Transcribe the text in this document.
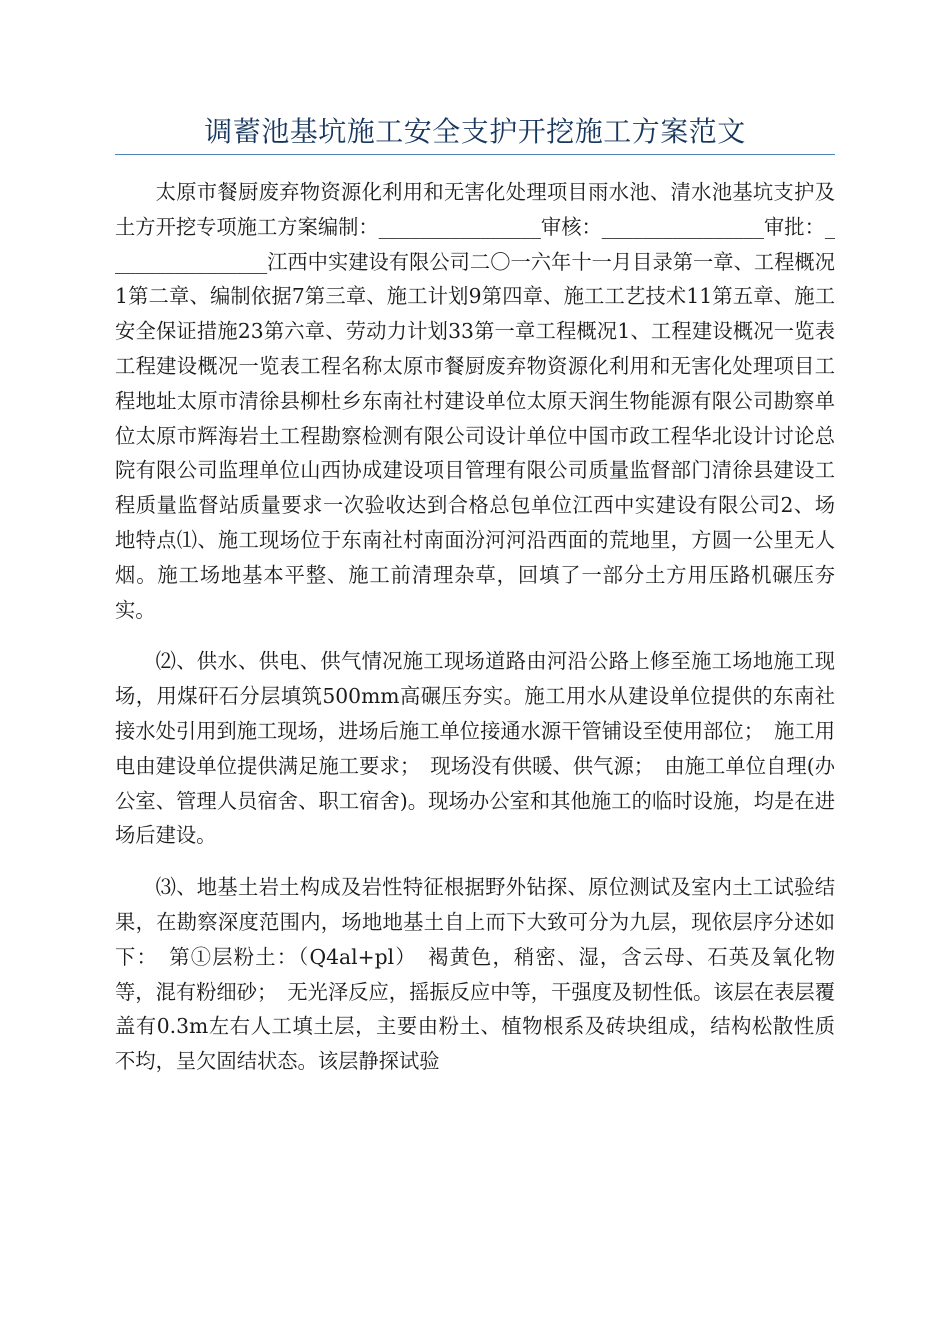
调蓄池基坑施工安全支护开挖施工方案范文

太原市餐厨废弃物资源化利用和无害化处理项目雨水池、清水池基坑支护及土方开挖专项施工方案编制：________________审核：________________审批：________________江西中实建设有限公司二〇一六年十一月目录第一章、工程概况1第二章、编制依据7第三章、施工计划9第四章、施工工艺技术11第五章、施工安全保证措施23第六章、劳动力计划33第一章工程概况1、工程建设概况一览表工程建设概况一览表工程名称太原市餐厨废弃物资源化利用和无害化处理项目工程地址太原市清徐县柳杜乡东南社村建设单位太原天润生物能源有限公司勘察单位太原市辉海岩土工程勘察检测有限公司设计单位中国市政工程华北设计讨论总院有限公司监理单位山西协成建设项目管理有限公司质量监督部门清徐县建设工程质量监督站质量要求一次验收达到合格总包单位江西中实建设有限公司2、场地特点⑴、施工现场位于东南社村南面汾河河沿西面的荒地里，方圆一公里无人烟。施工场地基本平整、施工前清理杂草，回填了一部分土方用压路机碾压夯实。

⑵、供水、供电、供气情况施工现场道路由河沿公路上修至施工场地施工现场，用煤矸石分层填筑500mm高碾压夯实。施工用水从建设单位提供的东南社接水处引用到施工现场，进场后施工单位接通水源干管铺设至使用部位；　施工用电由建设单位提供满足施工要求；　现场没有供暖、供气源；　由施工单位自理(办公室、管理人员宿舍、职工宿舍)。现场办公室和其他施工的临时设施，均是在进场后建设。

⑶、地基土岩土构成及岩性特征根据野外钻探、原位测试及室内土工试验结果，在勘察深度范围内，场地地基土自上而下大致可分为九层，现依层序分述如下：　第①层粉土：（Q4al+pl）　褐黄色，稍密、湿，含云母、石英及氧化物等，混有粉细砂；　无光泽反应，摇振反应中等，干强度及韧性低。该层在表层覆盖有0.3m左右人工填土层，主要由粉土、植物根系及砖块组成，结构松散性质不均，呈欠固结状态。该层静探试验
